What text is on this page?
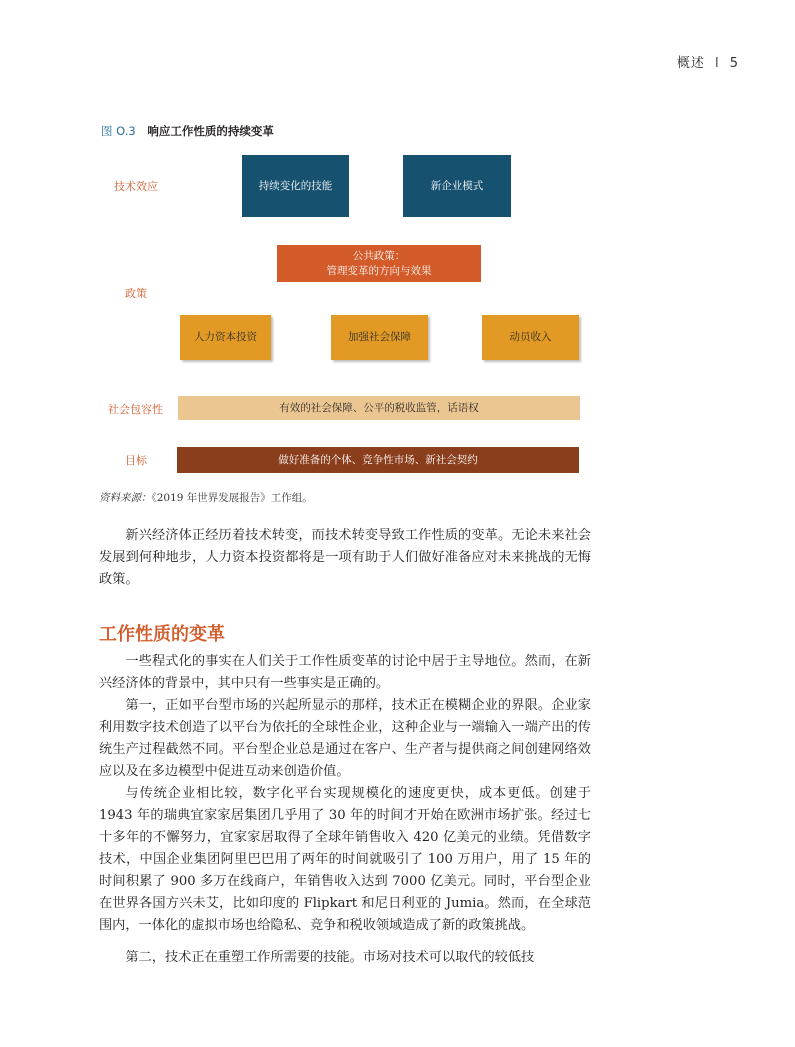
概述 I 5
图 O.3 响应工作性质的持续变革
技术效应
政策
社会包容性
目标
持续变化的技能	新企业模式
公共政策：
管理变革的方向与效果
人力资本投资	加强社会保障	动员收入
有效的社会保障、公平的税收监管，话语权
做好准备的个体、竞争性市场、新社会契约
资料来源：《2019 年世界发展报告》工作组。

新兴经济体正经历着技术转变，而技术转变导致工作性质的变革。无论未来社会发展到何种地步，人力资本投资都将是一项有助于人们做好准备应对未来挑战的无悔政策。

工作性质的变革

一些程式化的事实在人们关于工作性质变革的讨论中居于主导地位。然而，在新兴经济体的背景中，其中只有一些事实是正确的。

第一，正如平台型市场的兴起所显示的那样，技术正在模糊企业的界限。企业家利用数字技术创造了以平台为依托的全球性企业，这种企业与一端输入一端产出的传统生产过程截然不同。平台型企业总是通过在客户、生产者与提供商之间创建网络效应以及在多边模型中促进互动来创造价值。

与传统企业相比较，数字化平台实现规模化的速度更快，成本更低。创建于 1943 年的瑞典宜家家居集团几乎用了 30 年的时间才开始在欧洲市场扩张。经过七十多年的不懈努力，宜家家居取得了全球年销售收入 420 亿美元的业绩。凭借数字技术，中国企业集团阿里巴巴用了两年的时间就吸引了 100 万用户，用了 15 年的时间积累了 900 多万在线商户，年销售收入达到 7000 亿美元。同时，平台型企业在世界各国方兴未艾，比如印度的 Flipkart 和尼日利亚的 Jumia。然而，在全球范围内，一体化的虚拟市场也给隐私、竞争和税收领域造成了新的政策挑战。

第二，技术正在重塑工作所需要的技能。市场对技术可以取代的较低技
